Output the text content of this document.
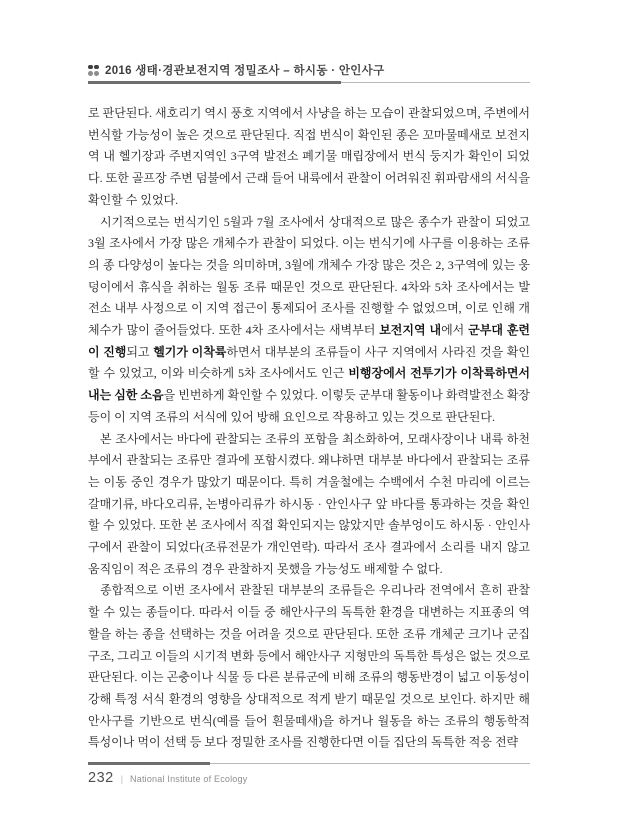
2016 생태·경관보전지역 정밀조사 – 하시동 · 안인사구

로 판단된다. 새호리기 역시 풍호 지역에서 사냥을 하는 모습이 관찰되었으며, 주변에서 번식할 가능성이 높은 것으로 판단된다. 직접 번식이 확인된 종은 꼬마물떼새로 보전지역 내 헬기장과 주변지역인 3구역 발전소 폐기물 매립장에서 번식 둥지가 확인이 되었다. 또한 골프장 주변 덤불에서 근래 들어 내륙에서 관찰이 어려워진 휘파람새의 서식을 확인할 수 있었다.

시기적으로는 번식기인 5월과 7월 조사에서 상대적으로 많은 종수가 관찰이 되었고 3월 조사에서 가장 많은 개체수가 관찰이 되었다. 이는 번식기에 사구를 이용하는 조류의 종 다양성이 높다는 것을 의미하며, 3월에 개체수 가장 많은 것은 2, 3구역에 있는 웅덩이에서 휴식을 취하는 월동 조류 때문인 것으로 판단된다. 4차와 5차 조사에서는 발전소 내부 사정으로 이 지역 접근이 통제되어 조사를 진행할 수 없었으며, 이로 인해 개체수가 많이 줄어들었다. 또한 4차 조사에서는 새벽부터 보전지역 내에서 군부대 훈련이 진행되고 헬기가 이착륙하면서 대부분의 조류들이 사구 지역에서 사라진 것을 확인 할 수 있었고, 이와 비슷하게 5차 조사에서도 인근 비행장에서 전투기가 이착륙하면서 내는 심한 소음을 빈번하게 확인할 수 있었다. 이렇듯 군부대 활동이나 화력발전소 확장 등이 이 지역 조류의 서식에 있어 방해 요인으로 작용하고 있는 것으로 판단된다.

본 조사에서는 바다에 관찰되는 조류의 포함을 최소화하여, 모래사장이나 내륙 하천부에서 관찰되는 조류만 결과에 포함시켰다. 왜냐하면 대부분 바다에서 관찰되는 조류는 이동 중인 경우가 많았기 때문이다. 특히 겨울철에는 수백에서 수천 마리에 이르는 갈매기류, 바다오리류, 논병아리류가 하시동 · 안인사구 앞 바다를 통과하는 것을 확인 할 수 있었다. 또한 본 조사에서 직접 확인되지는 않았지만 솔부엉이도 하시동 · 안인사구에서 관찰이 되었다(조류전문가 개인연락). 따라서 조사 결과에서 소리를 내지 않고 움직임이 적은 조류의 경우 관찰하지 못했을 가능성도 배제할 수 없다.

종합적으로 이번 조사에서 관찰된 대부분의 조류들은 우리나라 전역에서 흔히 관찰할 수 있는 종들이다. 따라서 이들 중 해안사구의 독특한 환경을 대변하는 지표종의 역할을 하는 종을 선택하는 것을 어려울 것으로 판단된다. 또한 조류 개체군 크기나 군집구조, 그리고 이들의 시기적 변화 등에서 해안사구 지형만의 독특한 특성은 없는 것으로 판단된다. 이는 곤충이나 식물 등 다른 분류군에 비해 조류의 행동반경이 넓고 이동성이 강해 특정 서식 환경의 영향을 상대적으로 적게 받기 때문일 것으로 보인다. 하지만 해안사구를 기반으로 번식(예를 들어 흰물떼새)을 하거나 월동을 하는 조류의 행동학적 특성이나 먹이 선택 등 보다 정밀한 조사를 진행한다면 이들 집단의 독특한 적응 전략

232 | National Institute of Ecology
